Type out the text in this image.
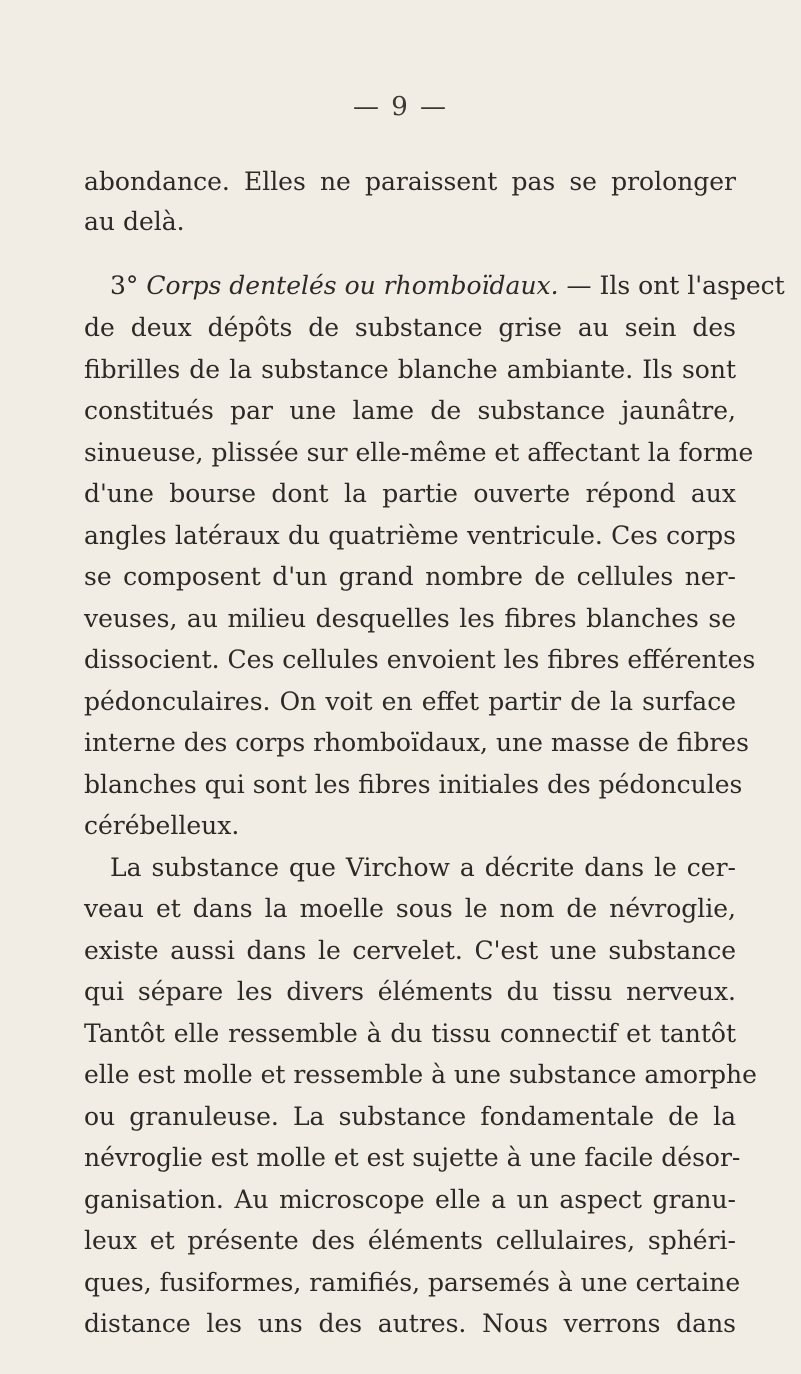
— 9 —
abondance. Elles ne paraissent pas se prolonger
au delà.
3° Corps dentelés ou rhomboïdaux. — Ils ont l'aspect
de deux dépôts de substance grise au sein des
fibrilles de la substance blanche ambiante. Ils sont
constitués par une lame de substance jaunâtre,
sinueuse, plissée sur elle-même et affectant la forme
d'une bourse dont la partie ouverte répond aux
angles latéraux du quatrième ventricule. Ces corps
se composent d'un grand nombre de cellules ner-
veuses, au milieu desquelles les fibres blanches se
dissocient. Ces cellules envoient les fibres efférentes
pédonculaires. On voit en effet partir de la surface
interne des corps rhomboïdaux, une masse de fibres
blanches qui sont les fibres initiales des pédoncules
cérébelleux.
La substance que Virchow a décrite dans le cer-
veau et dans la moelle sous le nom de névroglie,
existe aussi dans le cervelet. C'est une substance
qui sépare les divers éléments du tissu nerveux.
Tantôt elle ressemble à du tissu connectif et tantôt
elle est molle et ressemble à une substance amorphe
ou granuleuse. La substance fondamentale de la
névroglie est molle et est sujette à une facile désor-
ganisation. Au microscope elle a un aspect granu-
leux et présente des éléments cellulaires, sphéri-
ques, fusiformes, ramifiés, parsemés à une certaine
distance les uns des autres. Nous verrons dans
